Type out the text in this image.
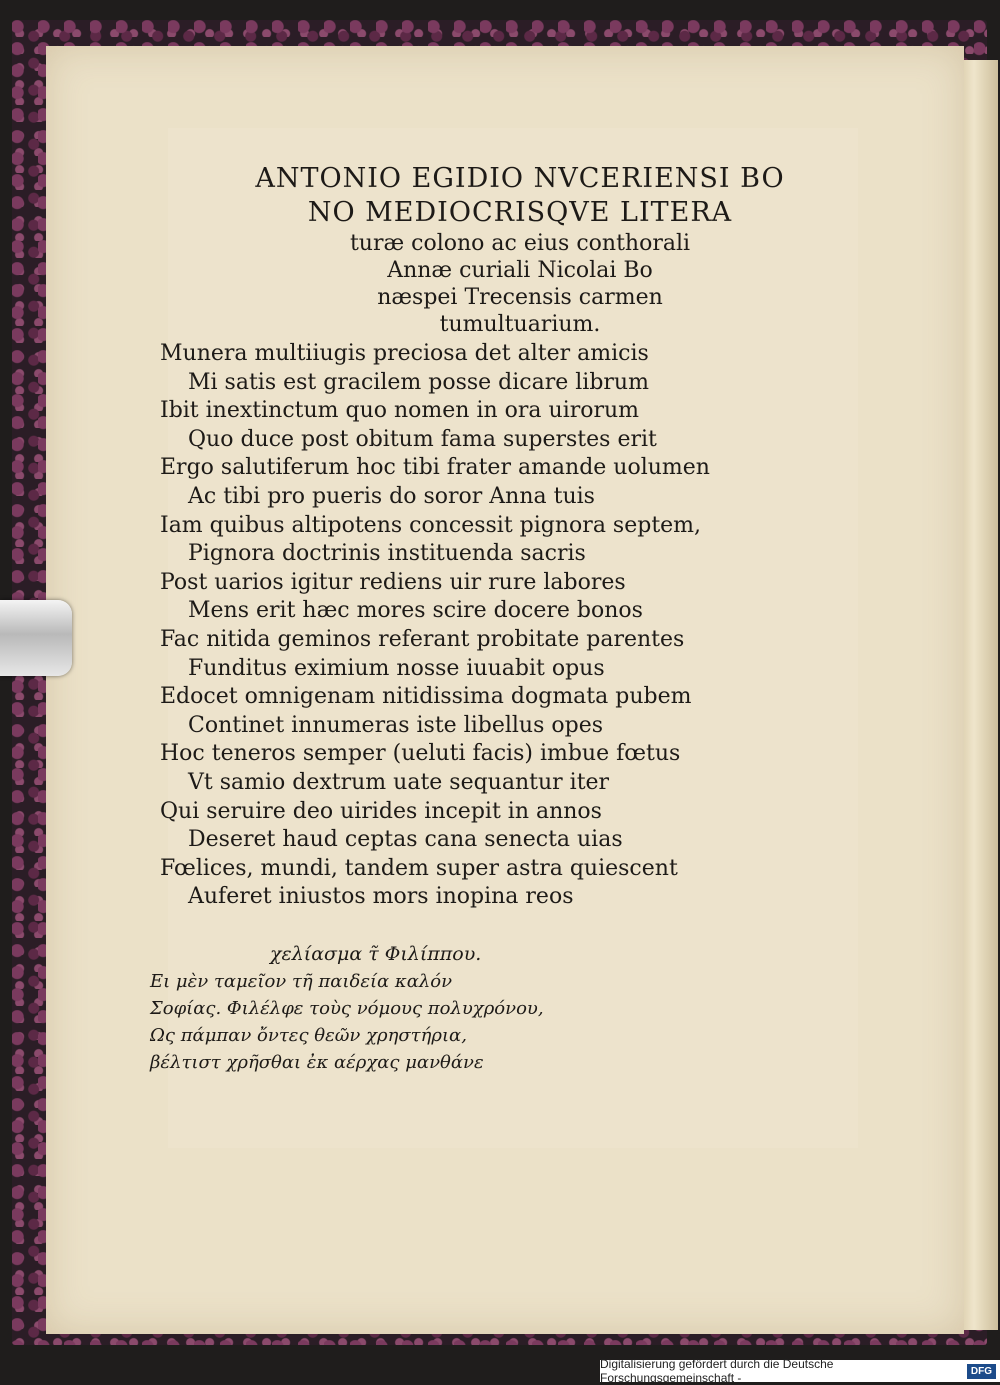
ANTONIO EGIDIO NVCERIENSI BO
NO MEDIOCRISQVE LITERA
turæ colono ac eius conthorali
Annæ curiali Nicolai Bo
næspei Trecensis carmen
tumultuarium.
Munera multiiugis preciosa det alter amicis
Mi satis est gracilem posse dicare librum
Ibit inextinctum quo nomen in ora uirorum
Quo duce post obitum fama superstes erit
Ergo salutiferum hoc tibi frater amande uolumen
Ac tibi pro pueris do soror Anna tuis
Iam quibus altipotens concessit pignora septem,
Pignora doctrinis instituenda sacris
Post uarios igitur rediens uir rure labores
Mens erit hæc mores scire docere bonos
Fac nitida geminos referant probitate parentes
Funditus eximium nosse iuuabit opus
Edocet omnigenam nitidissima dogmata pubem
Continet innumeras iste libellus opes
Hoc teneros semper (ueluti facis) imbue fœtus
Vt samio dextrum uate sequantur iter
Qui seruire deo uirides incepit in annos
Deseret haud ceptas cana senecta uias
Fœlices, mundi, tandem super astra quiescent
Auferet iniustos mors inopina reos
χελίασμα τ̃ Φιλίππου.
Ει μὲν ταμεῖον τῆ παιδεία καλόν
Σοφίας. Φιλέλφε τοὺς νόμους πολυχρόνου,
Ως πάμπαν ὄντες θεῶν χρηστήρια,
βέλτιστ χρῆσθαι ἐκ αέρχας μανθάνε
Digitalisierung gefördert durch die Deutsche Forschungsgemeinschaft -	DFG
